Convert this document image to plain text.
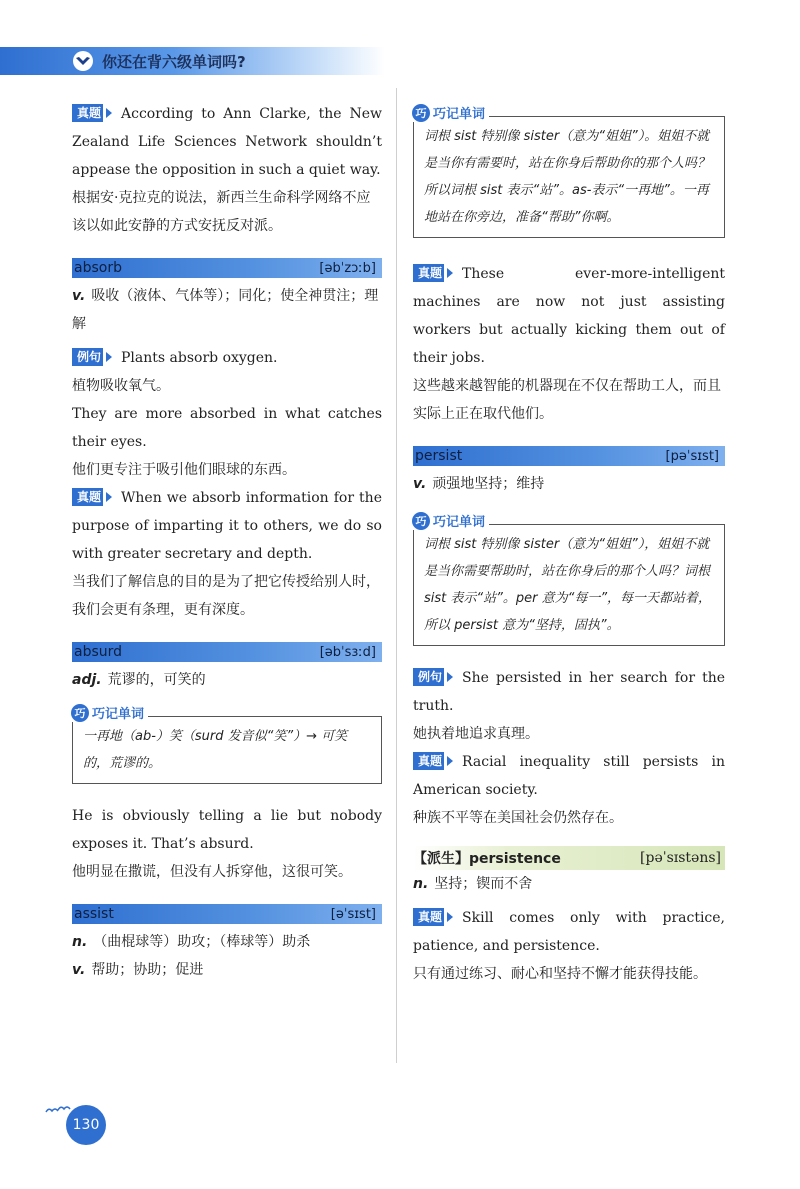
你还在背六级单词吗?

真题 According to Ann Clarke, the New Zealand Life Sciences Network shouldn’t appease the opposition in such a quiet way.

根据安·克拉克的说法，新西兰生命科学网络不应该以如此安静的方式安抚反对派。

absorb	[əbˈzɔːb]

v. 吸收（液体、气体等）；同化；使全神贯注；理解

例句 Plants absorb oxygen.

植物吸收氧气。

They are more absorbed in what catches their eyes.

他们更专注于吸引他们眼球的东西。

真题 When we absorb information for the purpose of imparting it to others, we do so with greater secretary and depth.

当我们了解信息的目的是为了把它传授给别人时，我们会更有条理，更有深度。

absurd	[əbˈsɜːd]

adj. 荒谬的，可笑的

巧 巧记单词

一再地（ab-）笑（surd 发音似“笑”）→ 可笑的，荒谬的。

He is obviously telling a lie but nobody exposes it. That’s absurd.

他明显在撒谎，但没有人拆穿他，这很可笑。

assist	[əˈsɪst]

n. （曲棍球等）助攻；（棒球等）助杀

v. 帮助；协助；促进

巧 巧记单词

词根 sist 特别像 sister（意为“姐姐”）。姐姐不就是当你有需要时，站在你身后帮助你的那个人吗？所以词根 sist 表示“站”。as-表示“一再地”。一再地站在你旁边，准备“帮助”你啊。

真题 These ever-more-intelligent machines are now not just assisting workers but actually kicking them out of their jobs.

这些越来越智能的机器现在不仅在帮助工人，而且实际上正在取代他们。

persist	[pəˈsɪst]

v. 顽强地坚持；维持

巧 巧记单词

词根 sist 特别像 sister（意为“姐姐”），姐姐不就是当你需要帮助时，站在你身后的那个人吗？词根 sist 表示“站”。per 意为“每一”，每一天都站着，所以 persist 意为“坚持，固执”。

例句 She persisted in her search for the truth.

她执着地追求真理。

真题 Racial inequality still persists in American society.

种族不平等在美国社会仍然存在。

【派生】persistence	[pəˈsɪstəns]

n. 坚持；锲而不舍

真题 Skill comes only with practice, patience, and persistence.

只有通过练习、耐心和坚持不懈才能获得技能。

130
